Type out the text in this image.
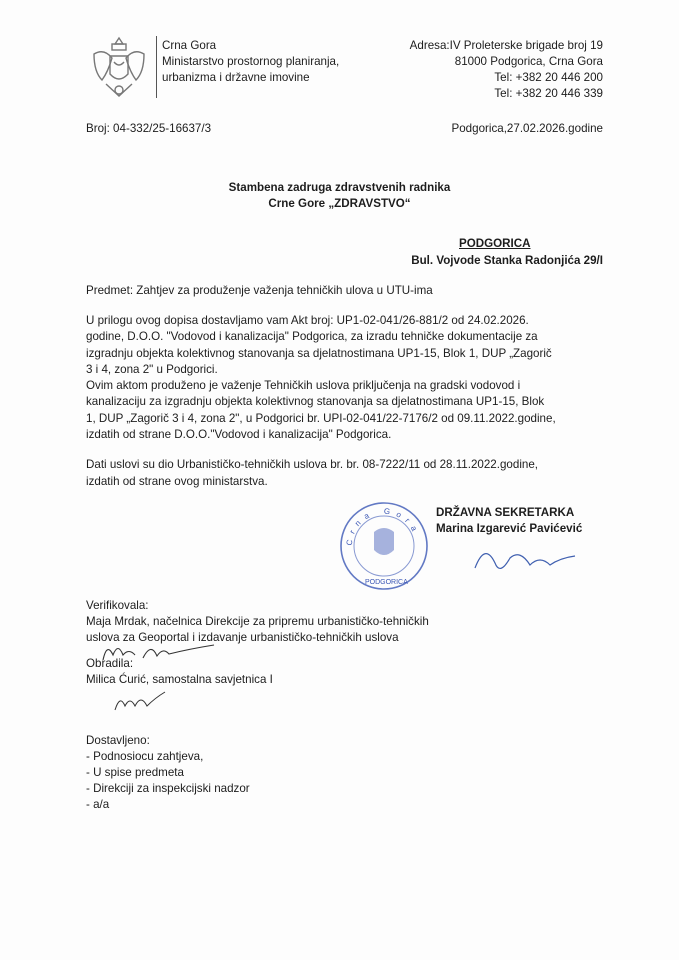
Crna Gora
Ministarstvo prostornog planiranja,
urbanizma i državne imovine
Adresa:IV Proleterske brigade broj 19
81000 Podgorica, Crna Gora
Tel: +382 20 446 200
Tel: +382 20 446 339
Broj: 04-332/25-16637/3	Podgorica,27.02.2026.godine
Stambena zadruga zdravstvenih radnika
Crne Gore „ZDRAVSTVO“
PODGORICA
Bul. Vojvode Stanka Radonjića 29/I
Predmet: Zahtjev za produženje važenja tehničkih ulova u UTU-ima
U prilogu ovog dopisa dostavljamo vam Akt broj: UP1-02-041/26-881/2 od 24.02.2026.
godine, D.O.O. "Vodovod i kanalizacija" Podgorica, za izradu tehničke dokumentacije za
izgradnju objekta kolektivnog stanovanja sa djelatnostimana UP1-15, Blok 1, DUP „Zagorič
3 i 4, zona 2" u Podgorici.
Ovim aktom produženo je važenje Tehničkih uslova priključenja na gradski vodovod i
kanalizaciju za izgradnju objekta kolektivnog stanovanja sa djelatnostimana UP1-15, Blok
1, DUP „Zagorič 3 i 4, zona 2", u Podgorici br. UPI-02-041/22-7176/2 od 09.11.2022.godine,
izdatih od strane D.O.O."Vodovod i kanalizacija" Podgorica.
Dati uslovi su dio Urbanističko-tehničkih uslova br. br. 08-7222/11 od 28.11.2022.godine,
izdatih od strane ovog ministarstva.
Crna Gora
PODGORICA
DRŽAVNA SEKRETARKA
Marina Izgarević Pavićević
Verifikovala:
Maja Mrdak, načelnica Direkcije za pripremu urbanističko-tehničkih
uslova za Geoportal i izdavanje urbanističko-tehničkih uslova
Obradila:
Milica Ćurić, samostalna savjetnica I
Dostavljeno:
- Podnosiocu zahtjeva,
- U spise predmeta
- Direkciji za inspekcijski nadzor
- a/a
